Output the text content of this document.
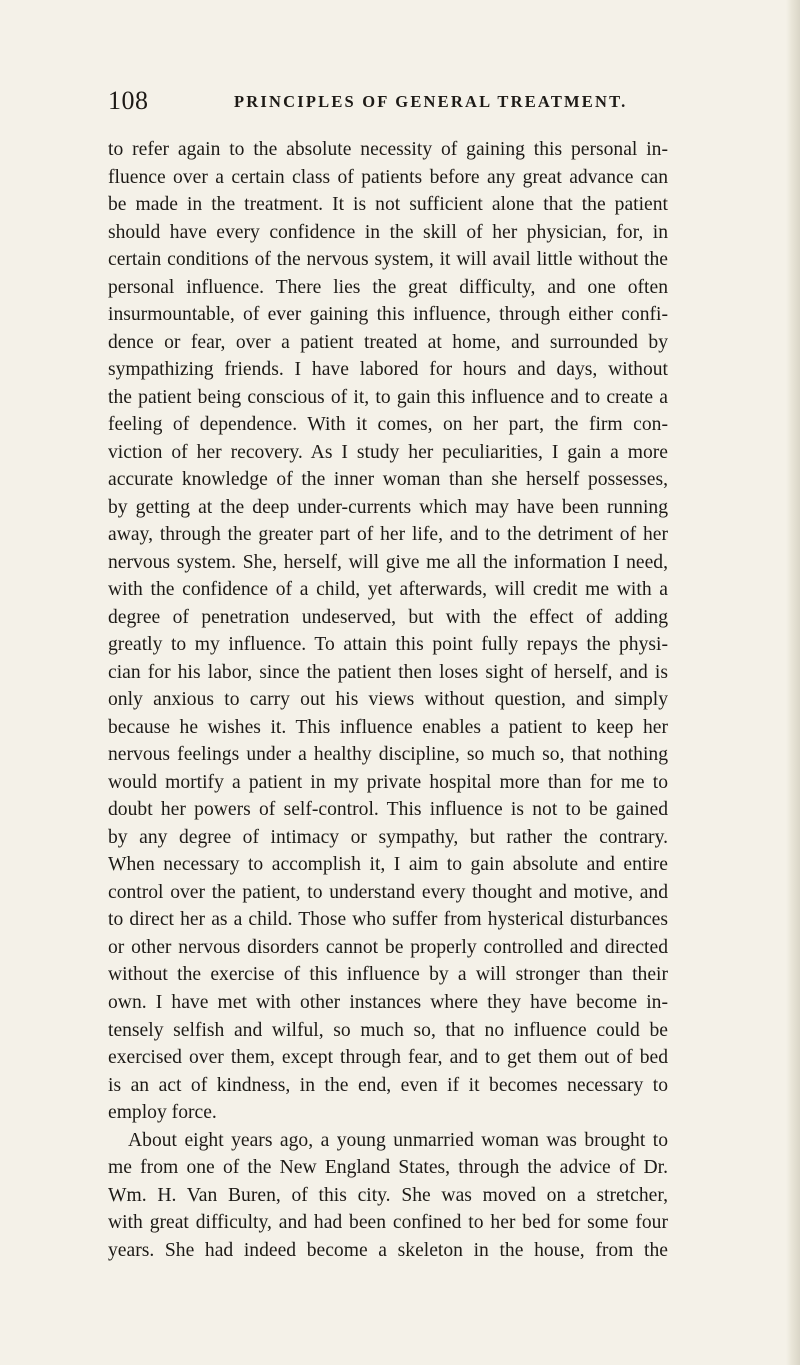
108	PRINCIPLES OF GENERAL TREATMENT.
to refer again to the absolute necessity of gaining this personal in-
fluence over a certain class of patients before any great advance can
be made in the treatment. It is not sufficient alone that the patient
should have every confidence in the skill of her physician, for, in
certain conditions of the nervous system, it will avail little without the
personal influence. There lies the great difficulty, and one often
insurmountable, of ever gaining this influence, through either confi-
dence or fear, over a patient treated at home, and surrounded by
sympathizing friends. I have labored for hours and days, without
the patient being conscious of it, to gain this influence and to create a
feeling of dependence. With it comes, on her part, the firm con-
viction of her recovery. As I study her peculiarities, I gain a more
accurate knowledge of the inner woman than she herself possesses,
by getting at the deep under-currents which may have been running
away, through the greater part of her life, and to the detriment of her
nervous system. She, herself, will give me all the information I need,
with the confidence of a child, yet afterwards, will credit me with a
degree of penetration undeserved, but with the effect of adding
greatly to my influence. To attain this point fully repays the physi-
cian for his labor, since the patient then loses sight of herself, and is
only anxious to carry out his views without question, and simply
because he wishes it. This influence enables a patient to keep her
nervous feelings under a healthy discipline, so much so, that nothing
would mortify a patient in my private hospital more than for me to
doubt her powers of self-control. This influence is not to be gained
by any degree of intimacy or sympathy, but rather the contrary.
When necessary to accomplish it, I aim to gain absolute and entire
control over the patient, to understand every thought and motive, and
to direct her as a child. Those who suffer from hysterical disturbances
or other nervous disorders cannot be properly controlled and directed
without the exercise of this influence by a will stronger than their
own. I have met with other instances where they have become in-
tensely selfish and wilful, so much so, that no influence could be
exercised over them, except through fear, and to get them out of bed
is an act of kindness, in the end, even if it becomes necessary to
employ force.
About eight years ago, a young unmarried woman was brought to
me from one of the New England States, through the advice of Dr.
Wm. H. Van Buren, of this city. She was moved on a stretcher,
with great difficulty, and had been confined to her bed for some four
years. She had indeed become a skeleton in the house, from the
